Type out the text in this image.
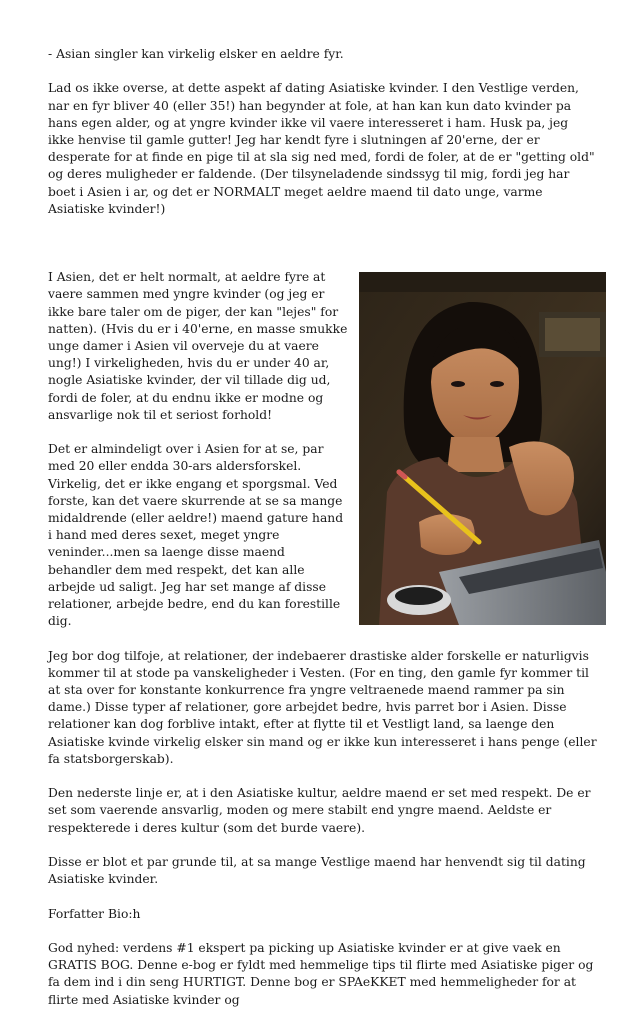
- Asian singler kan virkelig elsker en aeldre fyr.

Lad os ikke overse, at dette aspekt af dating Asiatiske kvinder. I den Vestlige verden, nar en fyr bliver 40 (eller 35!) han begynder at fole, at han kan kun dato kvinder pa hans egen alder, og at yngre kvinder ikke vil vaere interesseret i ham. Husk pa, jeg ikke henvise til gamle gutter! Jeg har kendt fyre i slutningen af 20'erne, der er desperate for at finde en pige til at sla sig ned med, fordi de foler, at de er "getting old" og deres muligheder er faldende. (Der tilsyneladende sindssyg til mig, fordi jeg har boet i Asien i ar, og det er NORMALT meget aeldre maend til dato unge, varme Asiatiske kvinder!)

I Asien, det er helt normalt, at aeldre fyre at vaere sammen med yngre kvinder (og jeg er ikke bare taler om de piger, der kan "lejes" for natten). (Hvis du er i 40'erne, en masse smukke unge damer i Asien vil overveje du at vaere ung!) I virkeligheden, hvis du er under 40 ar, nogle Asiatiske kvinder, der vil tillade dig ud, fordi de foler, at du endnu ikke er modne og ansvarlige nok til et seriost forhold!

Det er almindeligt over i Asien for at se, par med 20 eller endda 30-ars aldersforskel. Virkelig, det er ikke engang et sporgsmal. Ved forste, kan det vaere skurrende at se sa mange midaldrende (eller aeldre!) maend gature hand i hand med deres sexet, meget yngre veninder...men sa laenge disse maend behandler dem med respekt, det kan alle arbejde ud saligt. Jeg har set mange af disse relationer, arbejde bedre, end du kan forestille dig.

Jeg bor dog tilfoje, at relationer, der indebaerer drastiske alder forskelle er naturligvis kommer til at stode pa vanskeligheder i Vesten. (For en ting, den gamle fyr kommer til at sta over for konstante konkurrence fra yngre veltraenede maend rammer pa sin dame.) Disse typer af relationer, gore arbejdet bedre, hvis parret bor i Asien. Disse relationer kan dog forblive intakt, efter at flytte til et Vestligt land, sa laenge den Asiatiske kvinde virkelig elsker sin mand og er ikke kun interesseret i hans penge (eller fa statsborgerskab).

Den nederste linje er, at i den Asiatiske kultur, aeldre maend er set med respekt. De er set som vaerende ansvarlig, moden og mere stabilt end yngre maend. Aeldste er respekterede i deres kultur (som det burde vaere).

Disse er blot et par grunde til, at sa mange Vestlige maend har henvendt sig til dating Asiatiske kvinder.

Forfatter Bio:h

God nyhed: verdens #1 ekspert pa picking up Asiatiske kvinder er at give vaek en GRATIS BOG. Denne e-bog er fyldt med hemmelige tips til flirte med Asiatiske piger og fa dem ind i din seng HURTIGT. Denne bog er SPAeKKET med hemmeligheder for at flirte med Asiatiske kvinder og
